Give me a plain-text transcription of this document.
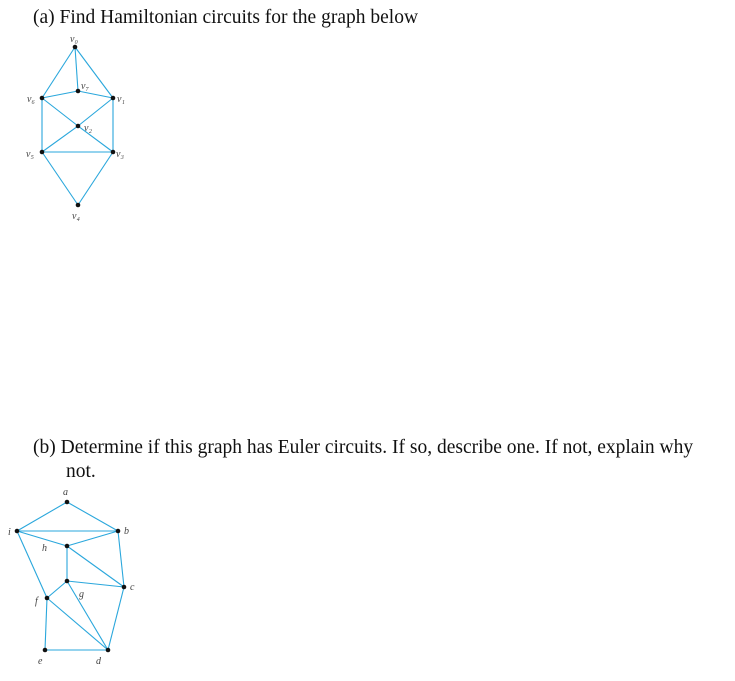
(a) Find Hamiltonian circuits for the graph below

v₀
v₁
v₂
v₃
v₄
v₅
v₆
v₇

(b) Determine if this graph has Euler circuits. If so, describe one. If not, explain why not.

a
b
c
d
e
f
g
h
i
